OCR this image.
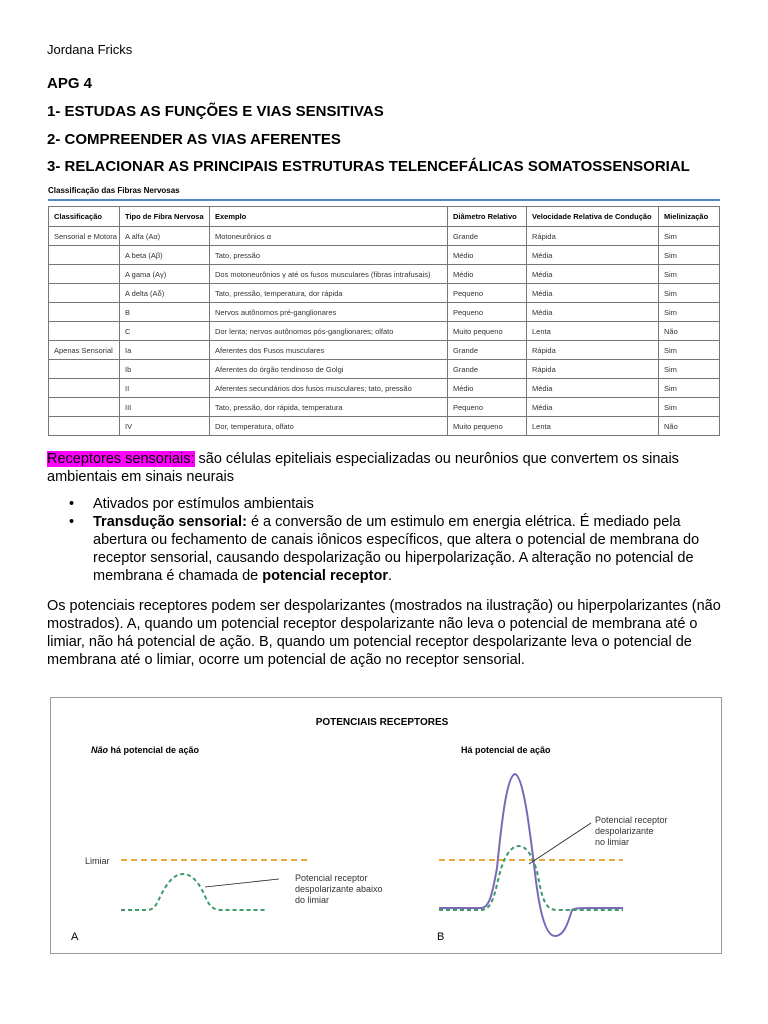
Jordana Fricks
APG 4
1- ESTUDAS AS FUNÇÕES E VIAS SENSITIVAS
2- COMPREENDER AS VIAS AFERENTES
3- RELACIONAR AS PRINCIPAIS ESTRUTURAS TELENCEFÁLICAS SOMATOSSENSORIAL
Classificação das Fibras Nervosas
Classificação	Tipo de Fibra Nervosa	Exemplo	Diâmetro Relativo	Velocidade Relativa de Condução	Mielinização
Sensorial e Motora	A alfa (Aα)	Motoneurônios α	Grande	Rápida	Sim
	A beta (Aβ)	Tato, pressão	Médio	Média	Sim
	A gama (Aγ)	Dos motoneurônios γ até os fusos musculares (fibras intrafusais)	Médio	Média	Sim
	A delta (Aδ)	Tato, pressão, temperatura, dor rápida	Pequeno	Média	Sim
	B	Nervos autônomos pré-ganglionares	Pequeno	Média	Sim
	C	Dor lenta; nervos autônomos pós-ganglionares; olfato	Muito pequeno	Lenta	Não
Apenas Sensorial	Ia	Aferentes dos Fusos musculares	Grande	Rápida	Sim
	Ib	Aferentes do órgão tendinoso de Golgi	Grande	Rápida	Sim
	II	Aferentes secundários dos fusos musculares; tato, pressão	Médio	Média	Sim
	III	Tato, pressão, dor rápida, temperatura	Pequeno	Média	Sim
	IV	Dor, temperatura, olfato	Muito pequeno	Lenta	Não
Receptores sensoriais: são células epiteliais especializadas ou neurônios que convertem os sinais ambientais em sinais neurais
• Ativados por estímulos ambientais
• Transdução sensorial: é a conversão de um estimulo em energia elétrica. É mediado pela abertura ou fechamento de canais iônicos específicos, que altera o potencial de membrana do receptor sensorial, causando despolarização ou hiperpolarização. A alteração no potencial de membrana é chamada de potencial receptor.
Os potenciais receptores podem ser despolarizantes (mostrados na ilustração) ou hiperpolarizantes (não mostrados). A, quando um potencial receptor despolarizante não leva o potencial de membrana até o limiar, não há potencial de ação. B, quando um potencial receptor despolarizante leva o potencial de membrana até o limiar, ocorre um potencial de ação no receptor sensorial.
POTENCIAIS RECEPTORES
Não há potencial de ação	Há potencial de ação
Limiar
Potencial receptor despolarizante abaixo do limiar
A
Potencial receptor despolarizante no limiar
B
